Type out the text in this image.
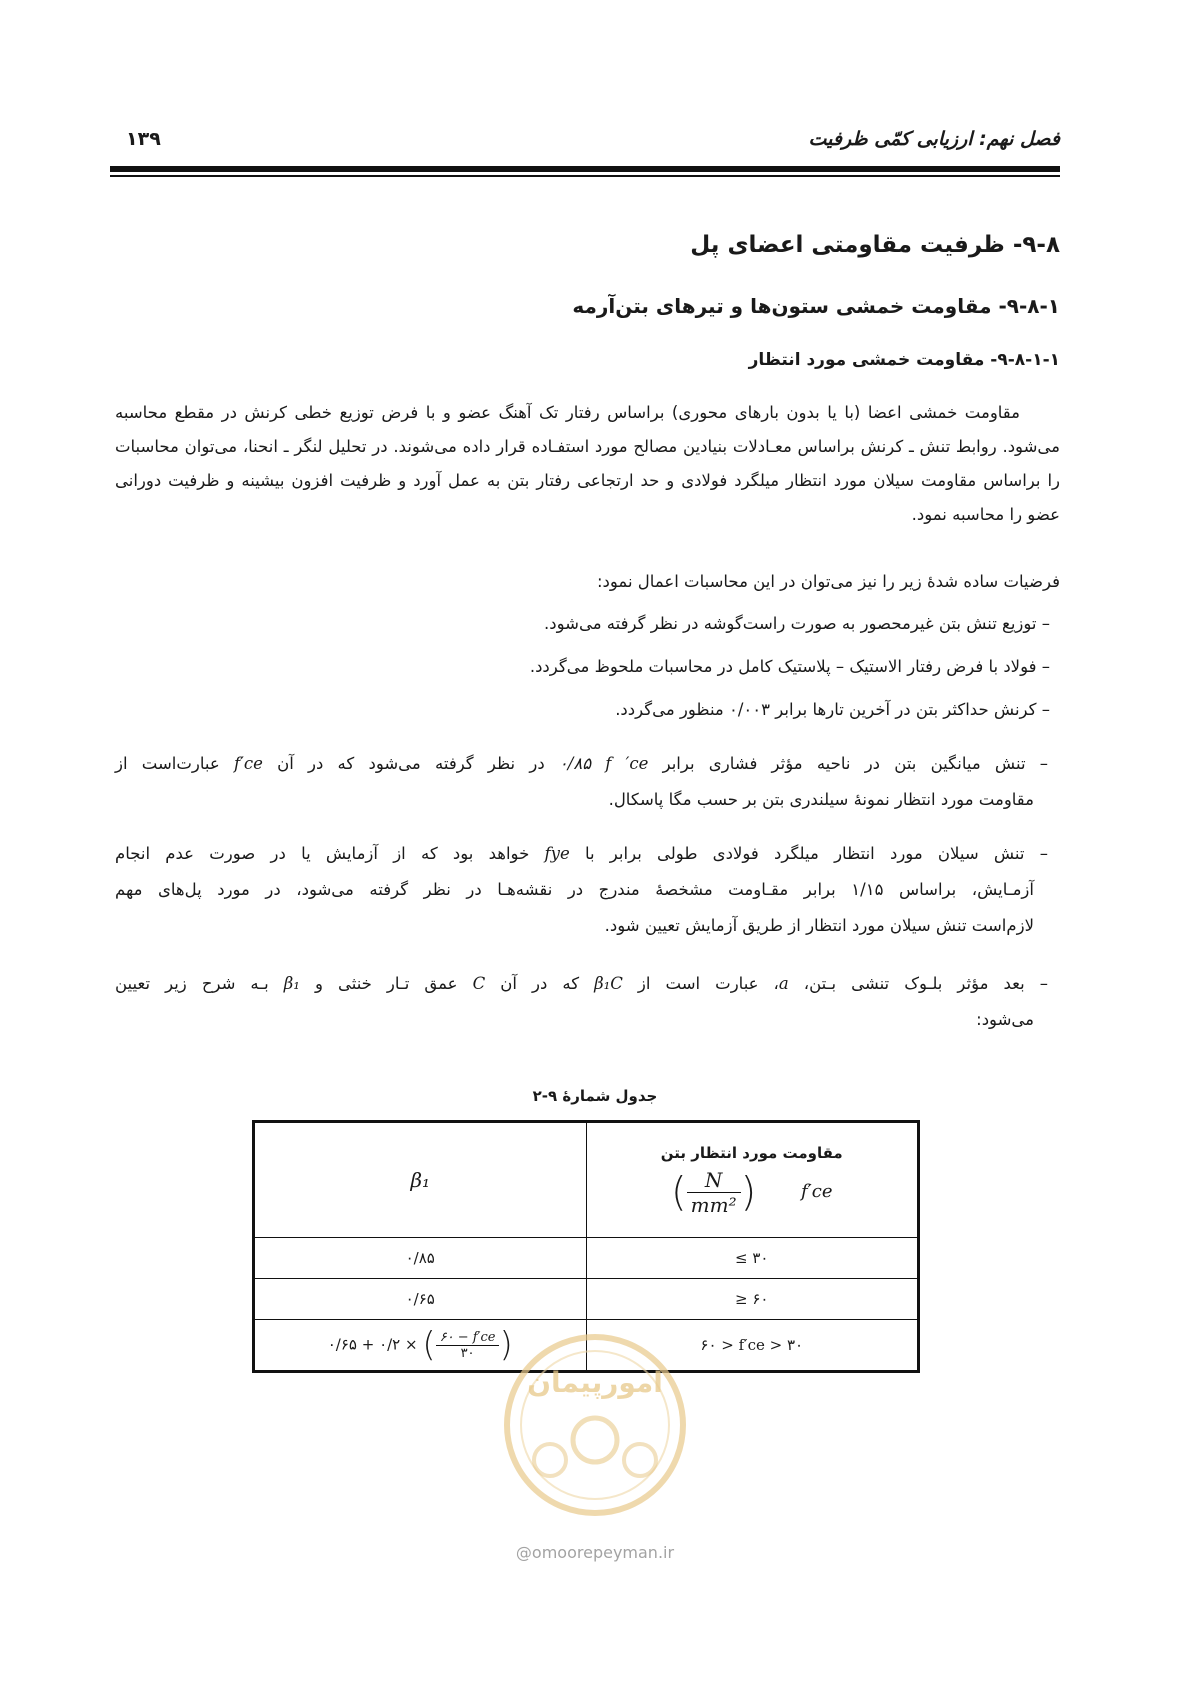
۱۳۹	فصل نهم: ارزیابی کمّی ظرفیت
۹-۸- ظرفیت مقاومتی اعضای پل
۹-۸-۱- مقاومت خمشی ستون‌ها و تیرهای بتن‌آرمه
۹-۸-۱-۱- مقاومت خمشی مورد انتظار

مقاومت خمشی اعضا (با یا بدون بارهای محوری) براساس رفتار تک آهنگ عضو و با فرض توزیع خطی کرنش در مقطع محاسبه می‌شود. روابط تنش ـ کرنش براساس معـادلات بنیادین مصالح مورد استفـاده قرار داده می‌شوند. در تحلیل لنگر ـ انحنا، می‌توان محاسبات را براساس مقاومت سیلان مورد انتظار میلگرد فولادی و حد ارتجاعی رفتار بتن به عمل آورد و ظرفیت افزون بیشینه و ظرفیت دورانی عضو را محاسبه نمود.

فرضیات ساده شدهٔ زیر را نیز می‌توان در این محاسبات اعمال نمود:
– توزیع تنش بتن غیرمحصور به صورت راست‌گوشه در نظر گرفته می‌شود.
– فولاد با فرض رفتار الاستیک – پلاستیک کامل در محاسبات ملحوظ می‌گردد.
– کرنش حداکثر بتن در آخرین تارها برابر ۰/۰۰۳ منظور می‌گردد.
– تنش میانگین بتن در ناحیه مؤثر فشاری برابر ۰/۸۵ f ′ce در نظر گرفته می‌شود که در آن f′ce عبارت‌است از
مقاومت مورد انتظار نمونهٔ سیلندری بتن بر حسب مگا پاسکال.
– تنش سیلان مورد انتظار میلگرد فولادی طولی برابر با fye خواهد بود که از آزمایش یا در صورت عدم انجام
آزمـایش، براساس ۱/۱۵ برابر مقـاومت مشخصهٔ مندرج در نقشه‌هـا در نظر گرفته می‌شود، در مورد پل‌های مهم
لازم‌است تنش سیلان مورد انتظار از طریق آزمایش تعیین شود.
– بعد مؤثر بلـوک تنشی بـتن، a، عبارت است از β₁C که در آن C عمق تـار خنثی و β₁ بـه شرح زیر تعیین
می‌شود:
جدول شمارهٔ ۹-۲
β₁	مقاومت مورد انتظار بتن
( $\frac{N}{\text{mm²}}$ ) f′ce

۰/۸۵	≤ ۳۰
۰/۶۵	≥ ۶۰
۰/۶۵ + ۰/۲ × ( $\frac{۶۰ - f'ce}{۳۰}$ )	۶۰ > f′ce > ۳۰
امورپیمان
@omoorepeyman.ir
